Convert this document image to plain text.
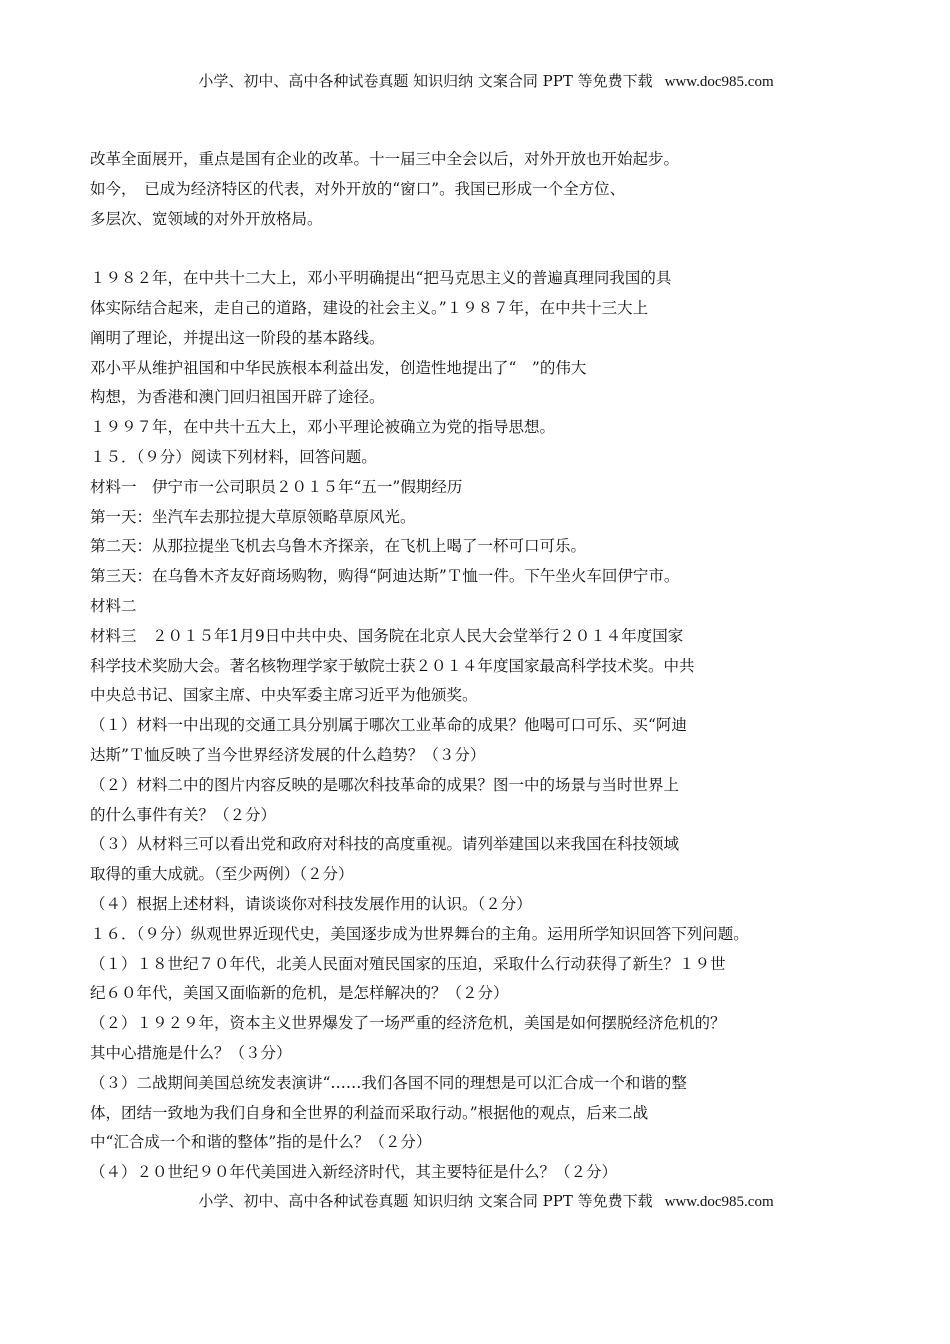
小学、初中、高中各种试卷真题 知识归纳 文案合同 PPT 等免费下载 www.doc985.com
改革全面展开，重点是国有企业的改革。十一届三中全会以后，对外开放也开始起步。
如今，　已成为经济特区的代表，对外开放的“窗口”。我国已形成一个全方位、
多层次、宽领域的对外开放格局。
１９８２年，在中共十二大上，邓小平明确提出“把马克思主义的普遍真理同我国的具
体实际结合起来，走自己的道路，建设的社会主义。”１９８７年，在中共十三大上
阐明了理论，并提出这一阶段的基本路线。
邓小平从维护祖国和中华民族根本利益出发，创造性地提出了“　”的伟大
构想，为香港和澳门回归祖国开辟了途径。
１９９７年，在中共十五大上，邓小平理论被确立为党的指导思想。
１５．（９分）阅读下列材料，回答问题。
材料一　伊宁市一公司职员２０１５年“五一”假期经历
第一天：坐汽车去那拉提大草原领略草原风光。
第二天：从那拉提坐飞机去乌鲁木齐探亲，在飞机上喝了一杯可口可乐。
第三天：在乌鲁木齐友好商场购物，购得“阿迪达斯”Ｔ恤一件。下午坐火车回伊宁市。
材料二
材料三　２０１５年1月9日中共中央、国务院在北京人民大会堂举行２０１４年度国家
科学技术奖励大会。著名核物理学家于敏院士获２０１４年度国家最高科学技术奖。中共
中央总书记、国家主席、中央军委主席习近平为他颁奖。
（１）材料一中出现的交通工具分别属于哪次工业革命的成果？他喝可口可乐、买“阿迪
达斯”Ｔ恤反映了当今世界经济发展的什么趋势？（３分）
（２）材料二中的图片内容反映的是哪次科技革命的成果？图一中的场景与当时世界上
的什么事件有关？（２分）
（３）从材料三可以看出党和政府对科技的高度重视。请列举建国以来我国在科技领域
取得的重大成就。（至少两例）（２分）
（４）根据上述材料，请谈谈你对科技发展作用的认识。（２分）
１６．（９分）纵观世界近现代史，美国逐步成为世界舞台的主角。运用所学知识回答下列问题。
（１）１８世纪７０年代，北美人民面对殖民国家的压迫，采取什么行动获得了新生？１９世
纪６０年代，美国又面临新的危机，是怎样解决的？（２分）
（２）１９２９年，资本主义世界爆发了一场严重的经济危机，美国是如何摆脱经济危机的？
其中心措施是什么？（３分）
（３）二战期间美国总统发表演讲“……我们各国不同的理想是可以汇合成一个和谐的整
体，团结一致地为我们自身和全世界的利益而采取行动。”根据他的观点，后来二战
中“汇合成一个和谐的整体”指的是什么？（２分）
（４）２０世纪９０年代美国进入新经济时代，其主要特征是什么？（２分）
小学、初中、高中各种试卷真题 知识归纳 文案合同 PPT 等免费下载 www.doc985.com
